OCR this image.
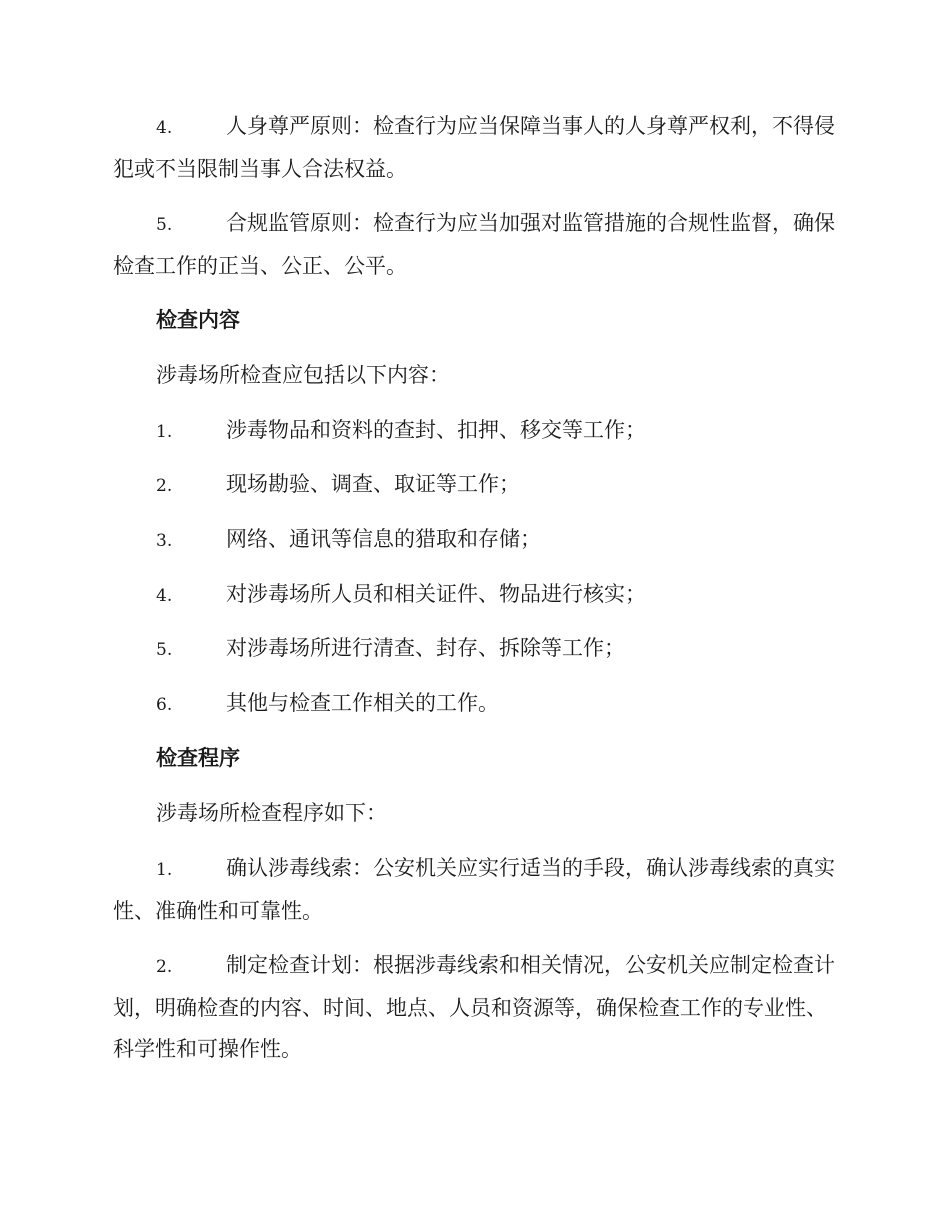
4.	人身尊严原则：检查行为应当保障当事人的人身尊严权利，不得侵犯或不当限制当事人合法权益。

5.	合规监管原则：检查行为应当加强对监管措施的合规性监督，确保检查工作的正当、公正、公平。

检查内容

涉毒场所检查应包括以下内容：

1.	涉毒物品和资料的查封、扣押、移交等工作；

2.	现场勘验、调查、取证等工作；

3.	网络、通讯等信息的猎取和存储；

4.	对涉毒场所人员和相关证件、物品进行核实；

5.	对涉毒场所进行清查、封存、拆除等工作；

6.	其他与检查工作相关的工作。

检查程序

涉毒场所检查程序如下：

1.	确认涉毒线索：公安机关应实行适当的手段，确认涉毒线索的真实性、准确性和可靠性。

2.	制定检查计划：根据涉毒线索和相关情况，公安机关应制定检查计划，明确检查的内容、时间、地点、人员和资源等，确保检查工作的专业性、科学性和可操作性。
